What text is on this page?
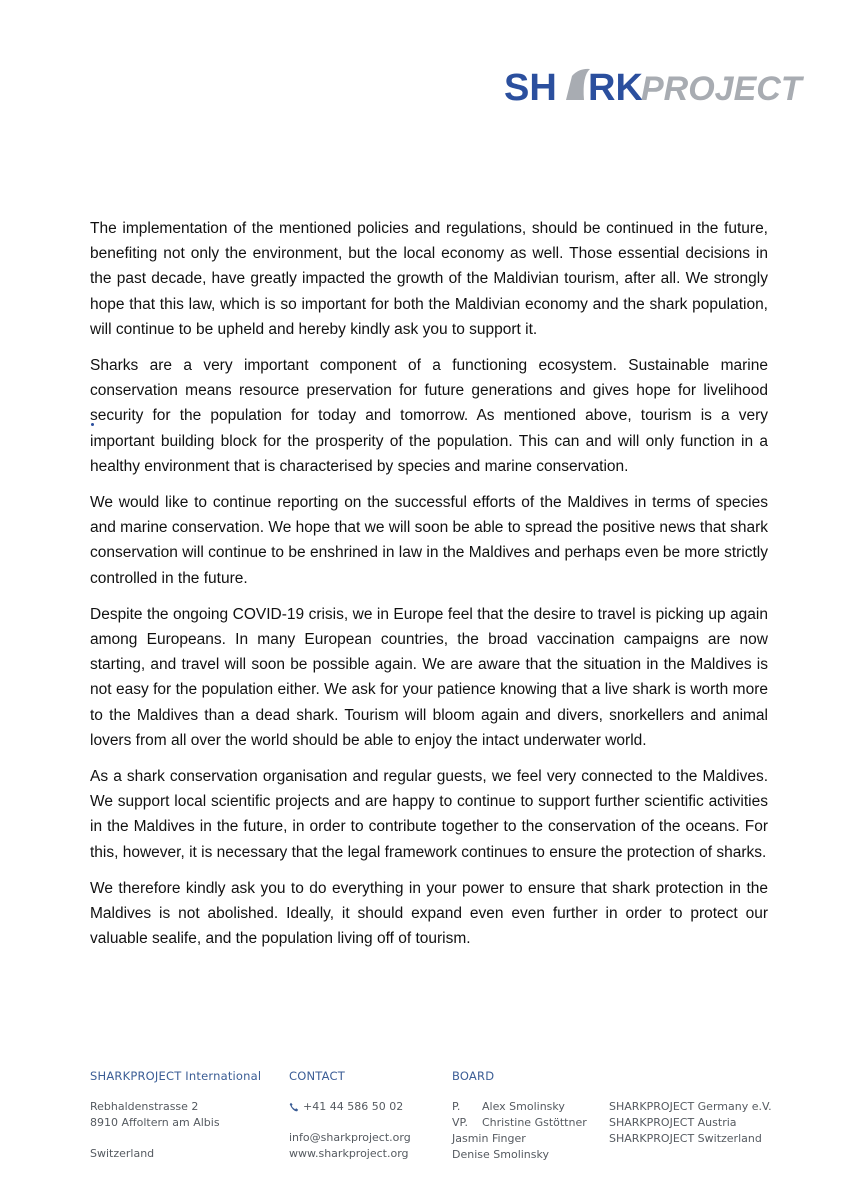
SH RK
PROJECT

The implementation of the mentioned policies and regulations, should be continued in the future, benefiting not only the environment, but the local economy as well. Those essential decisions in the past decade, have greatly impacted the growth of the Maldivian tourism, after all. We strongly hope that this law, which is so important for both the Maldivian economy and the shark population, will continue to be upheld and hereby kindly ask you to support it.

Sharks are a very important component of a functioning ecosystem. Sustainable marine conservation means resource preservation for future generations and gives hope for livelihood security for the population for today and tomorrow. As mentioned above, tourism is a very important building block for the prosperity of the population. This can and will only function in a healthy environment that is characterised by species and marine conservation.

We would like to continue reporting on the successful efforts of the Maldives in terms of species and marine conservation. We hope that we will soon be able to spread the positive news that shark conservation will continue to be enshrined in law in the Maldives and perhaps even be more strictly controlled in the future.

Despite the ongoing COVID-19 crisis, we in Europe feel that the desire to travel is picking up again among Europeans. In many European countries, the broad vaccination campaigns are now starting, and travel will soon be possible again. We are aware that the situation in the Maldives is not easy for the population either. We ask for your patience knowing that a live shark is worth more to the Maldives than a dead shark. Tourism will bloom again and divers, snorkellers and animal lovers from all over the world should be able to enjoy the intact underwater world.

As a shark conservation organisation and regular guests, we feel very connected to the Maldives. We support local scientific projects and are happy to continue to support further scientific activities in the Maldives in the future, in order to contribute together to the conservation of the oceans. For this, however, it is necessary that the legal framework continues to ensure the protection of sharks.

We therefore kindly ask you to do everything in your power to ensure that shark protection in the Maldives is not abolished. Ideally, it should expand even even further in order to protect our valuable sealife, and the population living off of tourism.

SHARKPROJECT International
Rebhaldenstrasse 2
8910 Affoltern am Albis
Switzerland
CONTACT
+41 44 586 50 02
info@sharkproject.org
www.sharkproject.org
BOARD
P. Alex Smolinsky
VP. Christine Gstöttner
Jasmin Finger
Denise Smolinsky
SHARKPROJECT Germany e.V.
SHARKPROJECT Austria
SHARKPROJECT Switzerland
